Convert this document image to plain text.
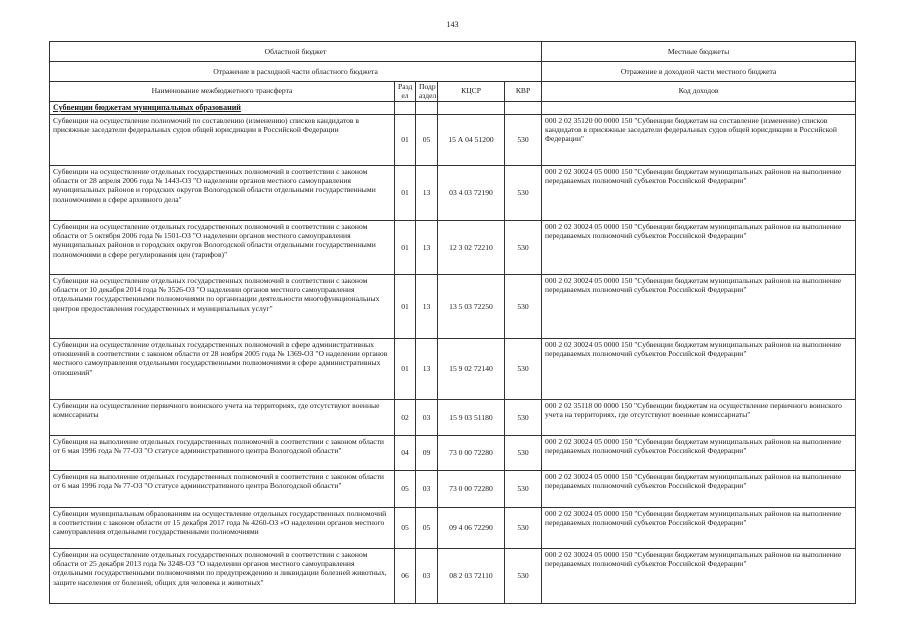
143
Областной бюджет					Местные бюджеты
Отражение в расходной части областного бюджета					Отражение в доходной части местного бюджета
Наименование межбюджетного трансферта	Разд ел	Подр аздел	КЦСР	КВР	Код доходов
Субвенции бюджетам муниципальных образований					
Субвенции на осуществление полномочий по составлению (изменению) списков кандидатов в присяжные заседатели федеральных судов общей юрисдикции в Российской Федерации	01	05	15 А 04 51200	530	000 2 02 35120 00 0000 150 "Субвенции бюджетам на составление (изменение) списков кандидатов в присяжные заседатели федеральных судов общей юрисдикции в Российской Федерации"
Субвенции на осуществление отдельных государственных полномочий в соответствии с законом области от 28 апреля 2006 года № 1443-ОЗ "О наделении органов местного самоуправления муниципальных районов и городских округов Вологодской области отдельными государственными полномочиями в сфере архивного дела"	01	13	03 4 03 72190	530	000 2 02 30024 05 0000 150 "Субвенции бюджетам муниципальных районов на выполнение передаваемых полномочий субъектов Российской Федерации"
Субвенции на осуществление отдельных государственных полномочий в соответствии с законом области от 5 октября 2006 года № 1501-ОЗ "О наделении органов местного самоуправления муниципальных районов и городских округов Вологодской области отдельными государственными полномочиями в сфере регулирования цен (тарифов)"	01	13	12 3 02 72210	530	000 2 02 30024 05 0000 150 "Субвенции бюджетам муниципальных районов на выполнение передаваемых полномочий субъектов Российской Федерации"
Субвенции на осуществление отдельных государственных полномочий в соответствии с законом области от 10 декабря 2014 года № 3526-ОЗ "О наделении органов местного самоуправления отдельными государственными полномочиями по организации деятельности многофункциональных центров предоставления государственных и муниципальных услуг"	01	13	13 5 03 72250	530	000 2 02 30024 05 0000 150 "Субвенции бюджетам муниципальных районов на выполнение передаваемых полномочий субъектов Российской Федерации"
Субвенции на осуществление отдельных государственных полномочий в сфере административных отношений в соответствии с законом области от 28 ноября 2005 года № 1369-ОЗ "О наделении органов местного самоуправления отдельными государственными полномочиями в сфере административных отношений"	01	13	15 9 02 72140	530	000 2 02 30024 05 0000 150 "Субвенции бюджетам муниципальных районов на выполнение передаваемых полномочий субъектов Российской Федерации"
Субвенции на осуществление первичного воинского учета на территориях, где отсутствуют военные комиссариаты	02	03	15 9 03 51180	530	000 2 02 35118 00 0000 150 "Субвенции бюджетам на осуществление первичного воинского учета на территориях, где отсутствуют военные комиссариаты"
Субвенция на выполнение отдельных государственных полномочий в соответствии с законом области от 6 мая 1996 года № 77-ОЗ "О статусе административного центра Вологодской области"	04	09	73 0 00 72280	530	000 2 02 30024 05 0000 150 "Субвенции бюджетам муниципальных районов на выполнение передаваемых полномочий субъектов Российской Федерации"
Субвенция на выполнение отдельных государственных полномочий в соответствии с законом области от 6 мая 1996 года № 77-ОЗ "О статусе административного центра Вологодской области"	05	03	73 0 00 72280	530	000 2 02 30024 05 0000 150 "Субвенции бюджетам муниципальных районов на выполнение передаваемых полномочий субъектов Российской Федерации"
Субвенции муниципальным образованиям на осуществление отдельных государственных полномочий в соответствии с законом области от 15 декабря 2017 года № 4260-ОЗ «О наделении органов местного самоуправления отдельными государственными полномочиями	05	05	09 4 06 72290	530	000 2 02 30024 05 0000 150 "Субвенции бюджетам муниципальных районов на выполнение передаваемых полномочий субъектов Российской Федерации"
Субвенции на осуществление отдельных государственных полномочий в соответствии с законом области от 25 декабря 2013 года № 3248-ОЗ "О наделении органов местного самоуправления отдельными государственными полномочиями по предупреждению и ликвидации болезней животных, защите населения от болезней, общих для человека и животных"	06	03	08 2 03 72110	530	000 2 02 30024 05 0000 150 "Субвенции бюджетам муниципальных районов на выполнение передаваемых полномочий субъектов Российской Федерации"
